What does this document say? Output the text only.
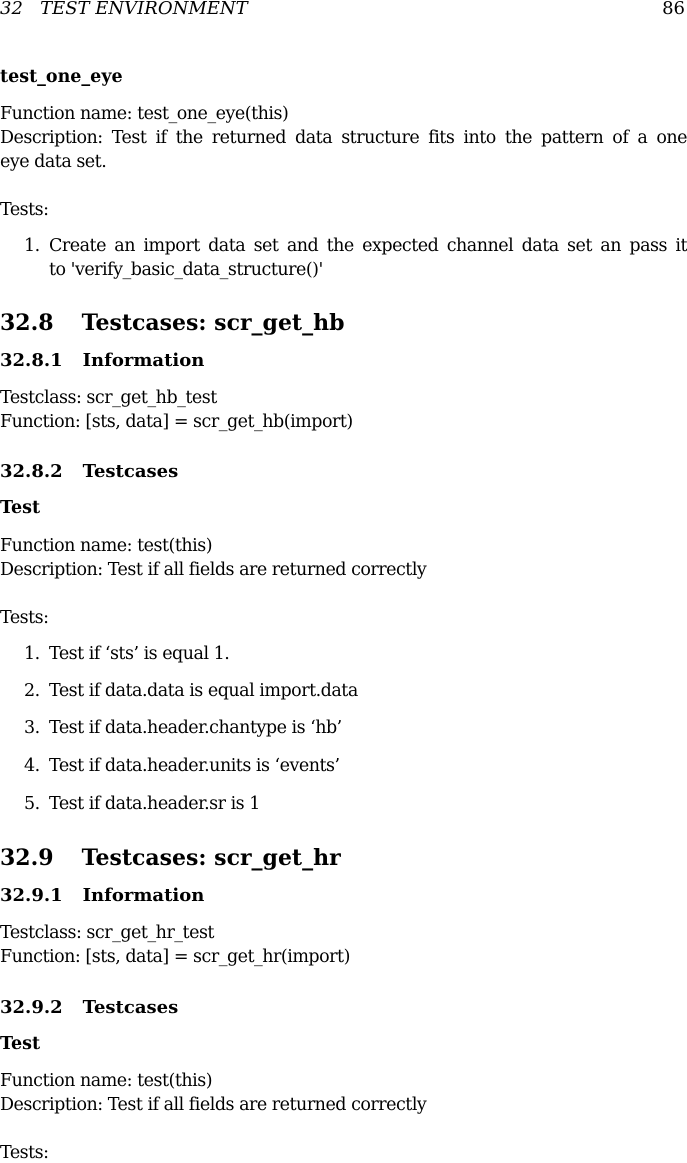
32 TEST ENVIRONMENT	86
test_one_eye
Function name: test_one_eye(this)
Description: Test if the returned data structure fits into the pattern of a one
eye data set.
Tests:
1. Create an import data set and the expected channel data set an pass it
to 'verify_basic_data_structure()'
32.8 Testcases: scr_get_hb
32.8.1 Information
Testclass: scr_get_hb_test
Function: [sts, data] = scr_get_hb(import)
32.8.2 Testcases
Test
Function name: test(this)
Description: Test if all fields are returned correctly
Tests:
1. Test if ‘sts’ is equal 1.
2. Test if data.data is equal import.data
3. Test if data.header.chantype is ‘hb’
4. Test if data.header.units is ‘events’
5. Test if data.header.sr is 1
32.9 Testcases: scr_get_hr
32.9.1 Information
Testclass: scr_get_hr_test
Function: [sts, data] = scr_get_hr(import)
32.9.2 Testcases
Test
Function name: test(this)
Description: Test if all fields are returned correctly
Tests:
